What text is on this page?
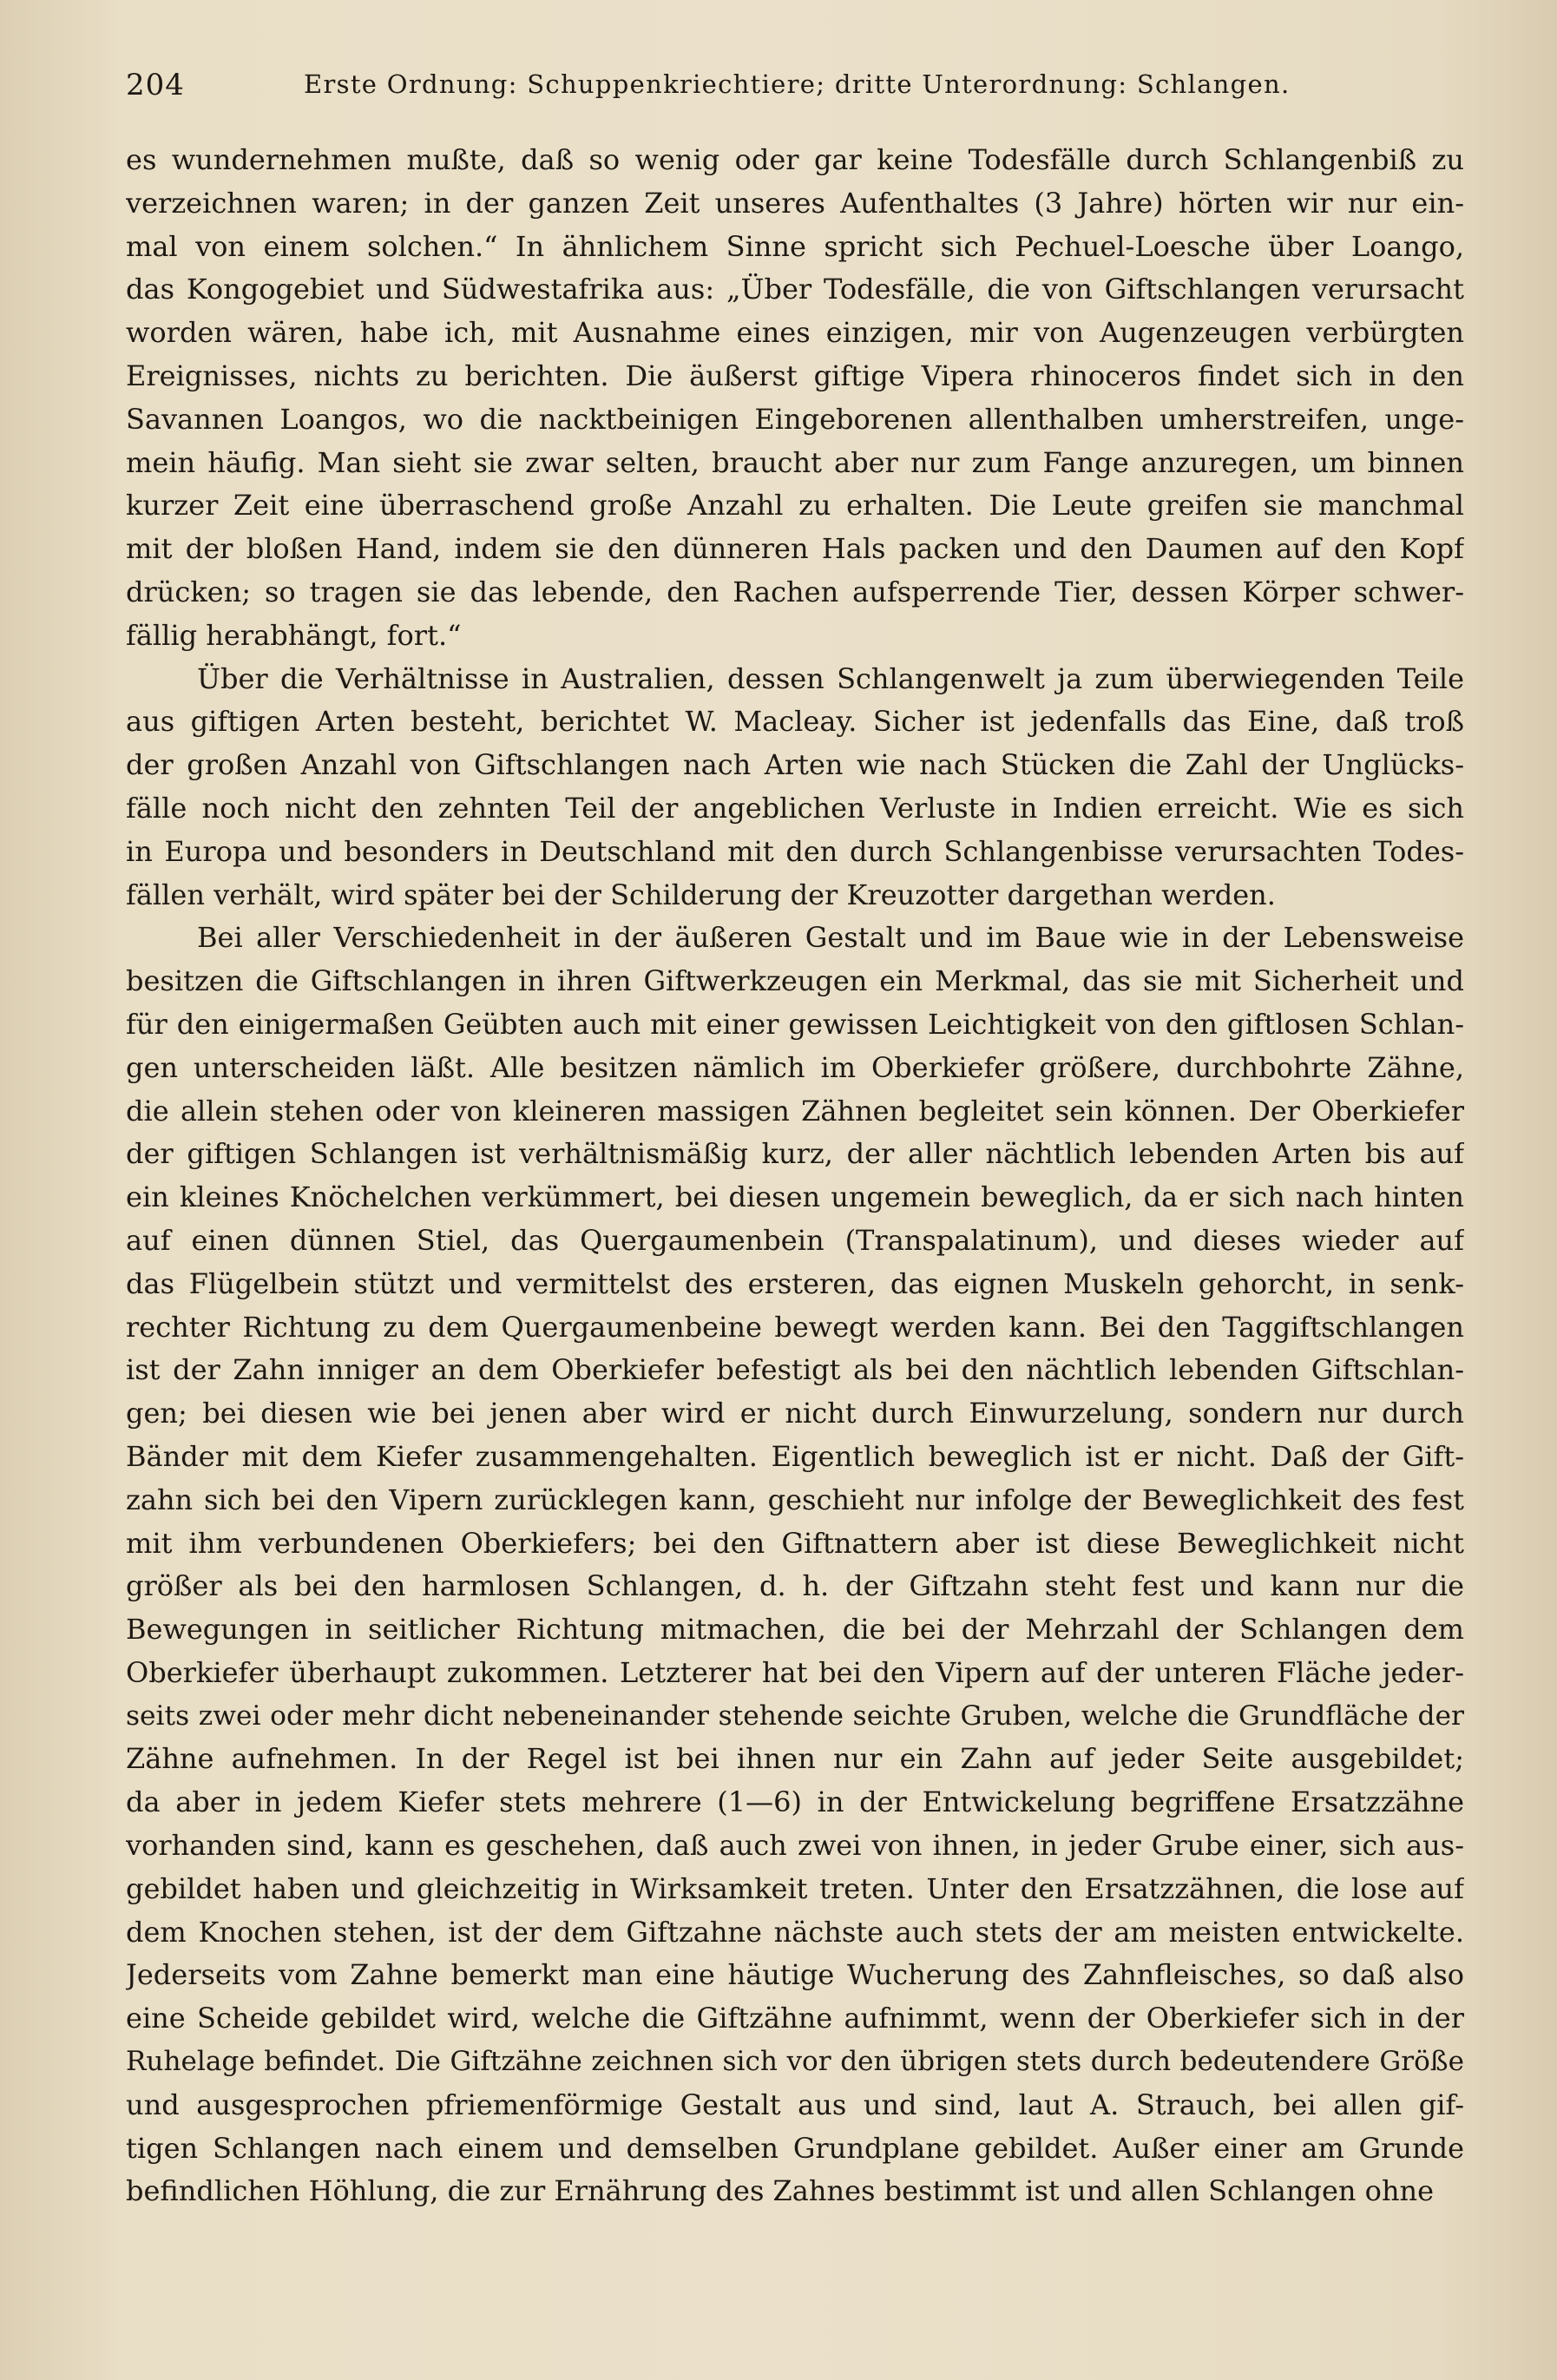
204	Erste Ordnung: Schuppenkriechtiere; dritte Unterordnung: Schlangen.
es wundernehmen mußte, daß so wenig oder gar keine Todesfälle durch Schlangenbiß zu
verzeichnen waren; in der ganzen Zeit unseres Aufenthaltes (3 Jahre) hörten wir nur ein-
mal von einem solchen.“ In ähnlichem Sinne spricht sich Pechuel-Loesche über Loango,
das Kongogebiet und Südwestafrika aus: „Über Todesfälle, die von Giftschlangen verursacht
worden wären, habe ich, mit Ausnahme eines einzigen, mir von Augenzeugen verbürgten
Ereignisses, nichts zu berichten. Die äußerst giftige Vipera rhinoceros findet sich in den
Savannen Loangos, wo die nacktbeinigen Eingeborenen allenthalben umherstreifen, unge-
mein häufig. Man sieht sie zwar selten, braucht aber nur zum Fange anzuregen, um binnen
kurzer Zeit eine überraschend große Anzahl zu erhalten. Die Leute greifen sie manchmal
mit der bloßen Hand, indem sie den dünneren Hals packen und den Daumen auf den Kopf
drücken; so tragen sie das lebende, den Rachen aufsperrende Tier, dessen Körper schwer-
fällig herabhängt, fort.“
Über die Verhältnisse in Australien, dessen Schlangenwelt ja zum überwiegenden Teile
aus giftigen Arten besteht, berichtet W. Macleay. Sicher ist jedenfalls das Eine, daß troß
der großen Anzahl von Giftschlangen nach Arten wie nach Stücken die Zahl der Unglücks-
fälle noch nicht den zehnten Teil der angeblichen Verluste in Indien erreicht. Wie es sich
in Europa und besonders in Deutschland mit den durch Schlangenbisse verursachten Todes-
fällen verhält, wird später bei der Schilderung der Kreuzotter dargethan werden.
Bei aller Verschiedenheit in der äußeren Gestalt und im Baue wie in der Lebensweise
besitzen die Giftschlangen in ihren Giftwerkzeugen ein Merkmal, das sie mit Sicherheit und
für den einigermaßen Geübten auch mit einer gewissen Leichtigkeit von den giftlosen Schlan-
gen unterscheiden läßt. Alle besitzen nämlich im Oberkiefer größere, durchbohrte Zähne,
die allein stehen oder von kleineren massigen Zähnen begleitet sein können. Der Oberkiefer
der giftigen Schlangen ist verhältnismäßig kurz, der aller nächtlich lebenden Arten bis auf
ein kleines Knöchelchen verkümmert, bei diesen ungemein beweglich, da er sich nach hinten
auf einen dünnen Stiel, das Quergaumenbein (Transpalatinum), und dieses wieder auf
das Flügelbein stützt und vermittelst des ersteren, das eignen Muskeln gehorcht, in senk-
rechter Richtung zu dem Quergaumenbeine bewegt werden kann. Bei den Taggiftschlangen
ist der Zahn inniger an dem Oberkiefer befestigt als bei den nächtlich lebenden Giftschlan-
gen; bei diesen wie bei jenen aber wird er nicht durch Einwurzelung, sondern nur durch
Bänder mit dem Kiefer zusammengehalten. Eigentlich beweglich ist er nicht. Daß der Gift-
zahn sich bei den Vipern zurücklegen kann, geschieht nur infolge der Beweglichkeit des fest
mit ihm verbundenen Oberkiefers; bei den Giftnattern aber ist diese Beweglichkeit nicht
größer als bei den harmlosen Schlangen, d. h. der Giftzahn steht fest und kann nur die
Bewegungen in seitlicher Richtung mitmachen, die bei der Mehrzahl der Schlangen dem
Oberkiefer überhaupt zukommen. Letzterer hat bei den Vipern auf der unteren Fläche jeder-
seits zwei oder mehr dicht nebeneinander stehende seichte Gruben, welche die Grundfläche der
Zähne aufnehmen. In der Regel ist bei ihnen nur ein Zahn auf jeder Seite ausgebildet;
da aber in jedem Kiefer stets mehrere (1—6) in der Entwickelung begriffene Ersatzzähne
vorhanden sind, kann es geschehen, daß auch zwei von ihnen, in jeder Grube einer, sich aus-
gebildet haben und gleichzeitig in Wirksamkeit treten. Unter den Ersatzzähnen, die lose auf
dem Knochen stehen, ist der dem Giftzahne nächste auch stets der am meisten entwickelte.
Jederseits vom Zahne bemerkt man eine häutige Wucherung des Zahnfleisches, so daß also
eine Scheide gebildet wird, welche die Giftzähne aufnimmt, wenn der Oberkiefer sich in der
Ruhelage befindet. Die Giftzähne zeichnen sich vor den übrigen stets durch bedeutendere Größe
und ausgesprochen pfriemenförmige Gestalt aus und sind, laut A. Strauch, bei allen gif-
tigen Schlangen nach einem und demselben Grundplane gebildet. Außer einer am Grunde
befindlichen Höhlung, die zur Ernährung des Zahnes bestimmt ist und allen Schlangen ohne
